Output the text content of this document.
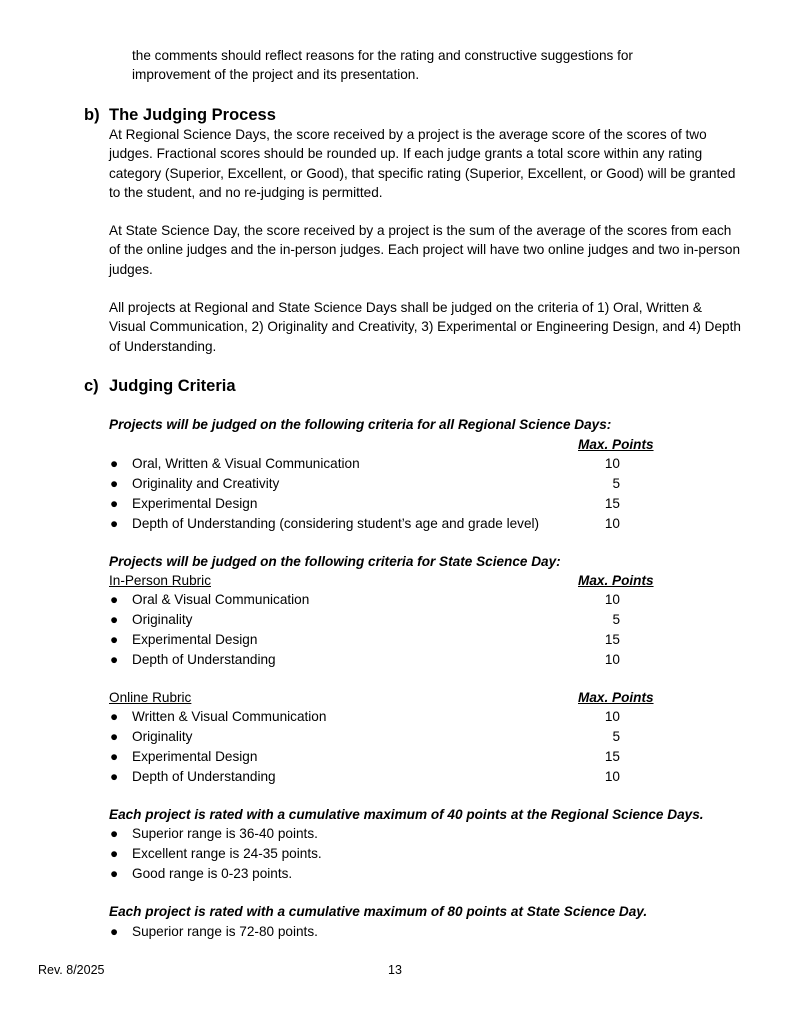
the comments should reflect reasons for the rating and constructive suggestions for
improvement of the project and its presentation.
b) The Judging Process
At Regional Science Days, the score received by a project is the average score of the scores of two judges. Fractional scores should be rounded up. If each judge grants a total score within any rating category (Superior, Excellent, or Good), that specific rating (Superior, Excellent, or Good) will be granted to the student, and no re-judging is permitted.
At State Science Day, the score received by a project is the sum of the average of the scores from each of the online judges and the in-person judges. Each project will have two online judges and two in-person judges.
All projects at Regional and State Science Days shall be judged on the criteria of 1) Oral, Written & Visual Communication, 2) Originality and Creativity, 3) Experimental or Engineering Design, and 4) Depth of Understanding.
c) Judging Criteria
Projects will be judged on the following criteria for all Regional Science Days:
Max. Points
● Oral, Written & Visual Communication	10
● Originality and Creativity	5
● Experimental Design	15
● Depth of Understanding (considering student’s age and grade level)	10
Projects will be judged on the following criteria for State Science Day:
In-Person Rubric	Max. Points
● Oral & Visual Communication	10
● Originality	5
● Experimental Design	15
● Depth of Understanding	10
Online Rubric	Max. Points
● Written & Visual Communication	10
● Originality	5
● Experimental Design	15
● Depth of Understanding	10
Each project is rated with a cumulative maximum of 40 points at the Regional Science Days.
● Superior range is 36-40 points.
● Excellent range is 24-35 points.
● Good range is 0-23 points.
Each project is rated with a cumulative maximum of 80 points at State Science Day.
● Superior range is 72-80 points.
Rev. 8/2025	13
